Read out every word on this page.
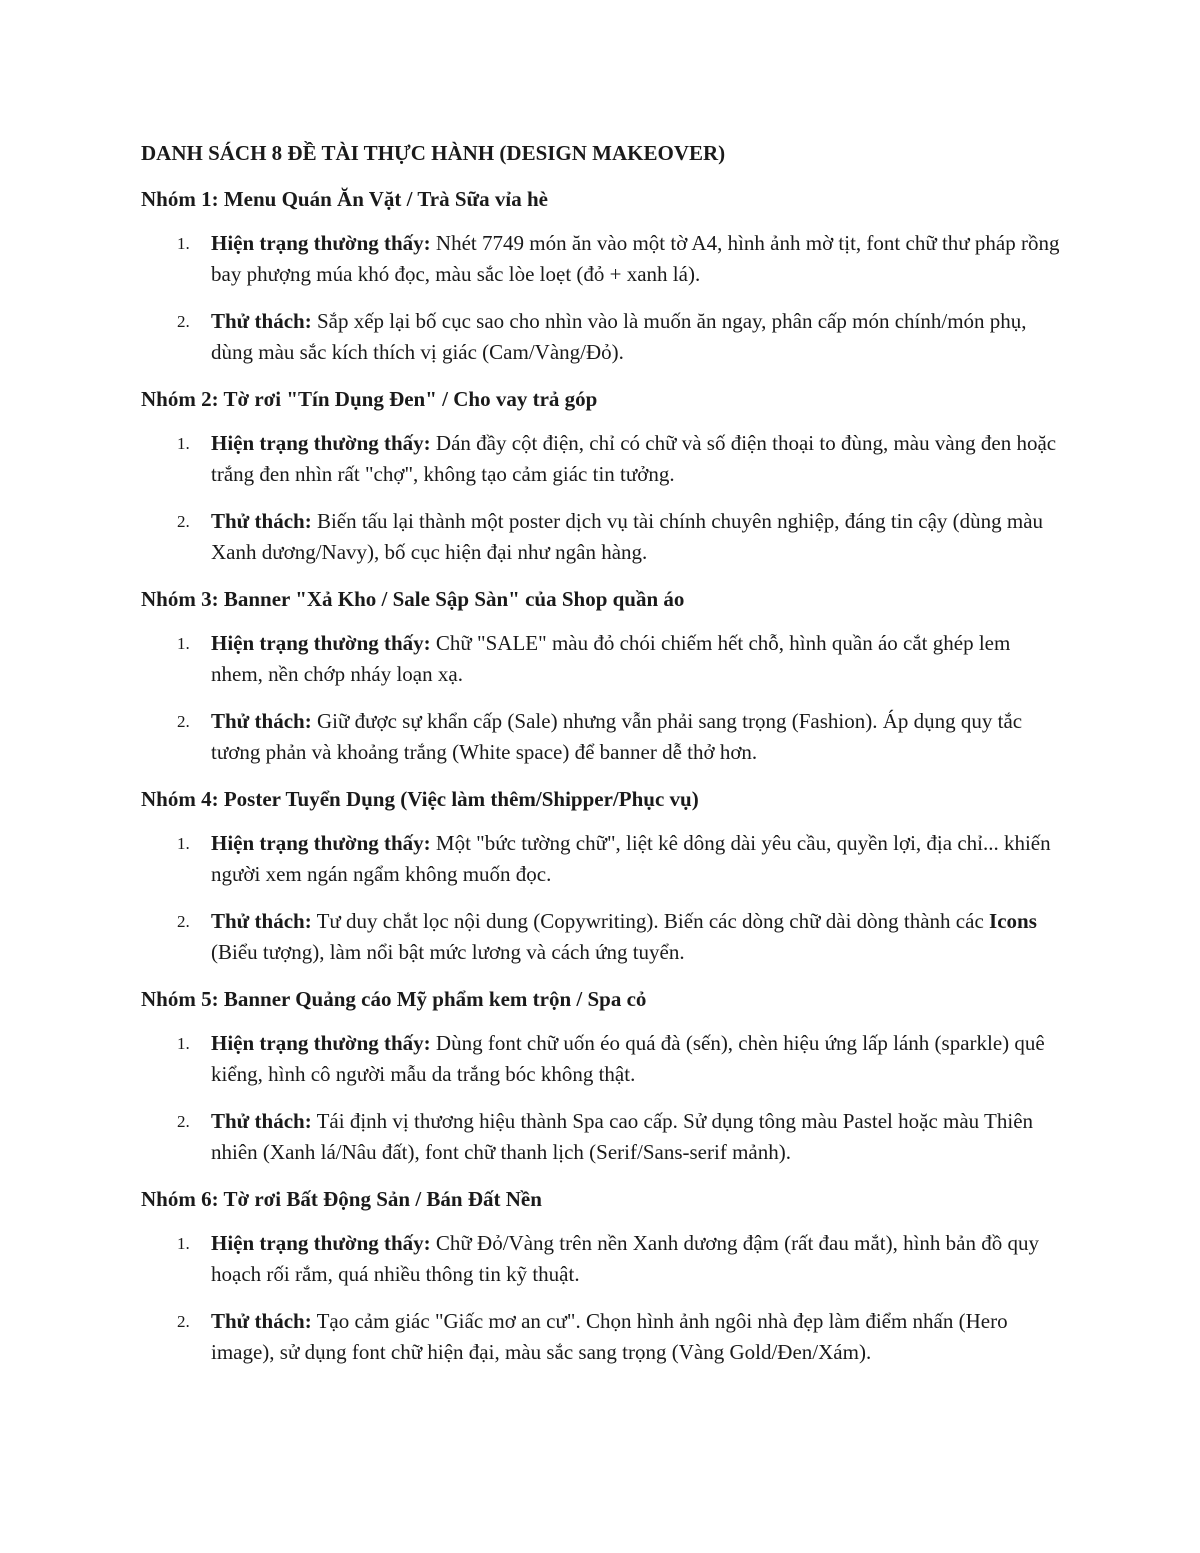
DANH SÁCH 8 ĐỀ TÀI THỰC HÀNH (DESIGN MAKEOVER)
Nhóm 1: Menu Quán Ăn Vặt / Trà Sữa vỉa hè
1. Hiện trạng thường thấy: Nhét 7749 món ăn vào một tờ A4, hình ảnh mờ tịt, font chữ thư pháp rồng bay phượng múa khó đọc, màu sắc lòe loẹt (đỏ + xanh lá).
2. Thử thách: Sắp xếp lại bố cục sao cho nhìn vào là muốn ăn ngay, phân cấp món chính/món phụ, dùng màu sắc kích thích vị giác (Cam/Vàng/Đỏ).
Nhóm 2: Tờ rơi "Tín Dụng Đen" / Cho vay trả góp
1. Hiện trạng thường thấy: Dán đầy cột điện, chỉ có chữ và số điện thoại to đùng, màu vàng đen hoặc trắng đen nhìn rất "chợ", không tạo cảm giác tin tưởng.
2. Thử thách: Biến tấu lại thành một poster dịch vụ tài chính chuyên nghiệp, đáng tin cậy (dùng màu Xanh dương/Navy), bố cục hiện đại như ngân hàng.
Nhóm 3: Banner "Xả Kho / Sale Sập Sàn" của Shop quần áo
1. Hiện trạng thường thấy: Chữ "SALE" màu đỏ chói chiếm hết chỗ, hình quần áo cắt ghép lem nhem, nền chớp nháy loạn xạ.
2. Thử thách: Giữ được sự khẩn cấp (Sale) nhưng vẫn phải sang trọng (Fashion). Áp dụng quy tắc tương phản và khoảng trắng (White space) để banner dễ thở hơn.
Nhóm 4: Poster Tuyển Dụng (Việc làm thêm/Shipper/Phục vụ)
1. Hiện trạng thường thấy: Một "bức tường chữ", liệt kê dông dài yêu cầu, quyền lợi, địa chỉ... khiến người xem ngán ngẩm không muốn đọc.
2. Thử thách: Tư duy chắt lọc nội dung (Copywriting). Biến các dòng chữ dài dòng thành các Icons (Biểu tượng), làm nổi bật mức lương và cách ứng tuyển.
Nhóm 5: Banner Quảng cáo Mỹ phẩm kem trộn / Spa cỏ
1. Hiện trạng thường thấy: Dùng font chữ uốn éo quá đà (sến), chèn hiệu ứng lấp lánh (sparkle) quê kiểng, hình cô người mẫu da trắng bóc không thật.
2. Thử thách: Tái định vị thương hiệu thành Spa cao cấp. Sử dụng tông màu Pastel hoặc màu Thiên nhiên (Xanh lá/Nâu đất), font chữ thanh lịch (Serif/Sans-serif mảnh).
Nhóm 6: Tờ rơi Bất Động Sản / Bán Đất Nền
1. Hiện trạng thường thấy: Chữ Đỏ/Vàng trên nền Xanh dương đậm (rất đau mắt), hình bản đồ quy hoạch rối rắm, quá nhiều thông tin kỹ thuật.
2. Thử thách: Tạo cảm giác "Giấc mơ an cư". Chọn hình ảnh ngôi nhà đẹp làm điểm nhấn (Hero image), sử dụng font chữ hiện đại, màu sắc sang trọng (Vàng Gold/Đen/Xám).
